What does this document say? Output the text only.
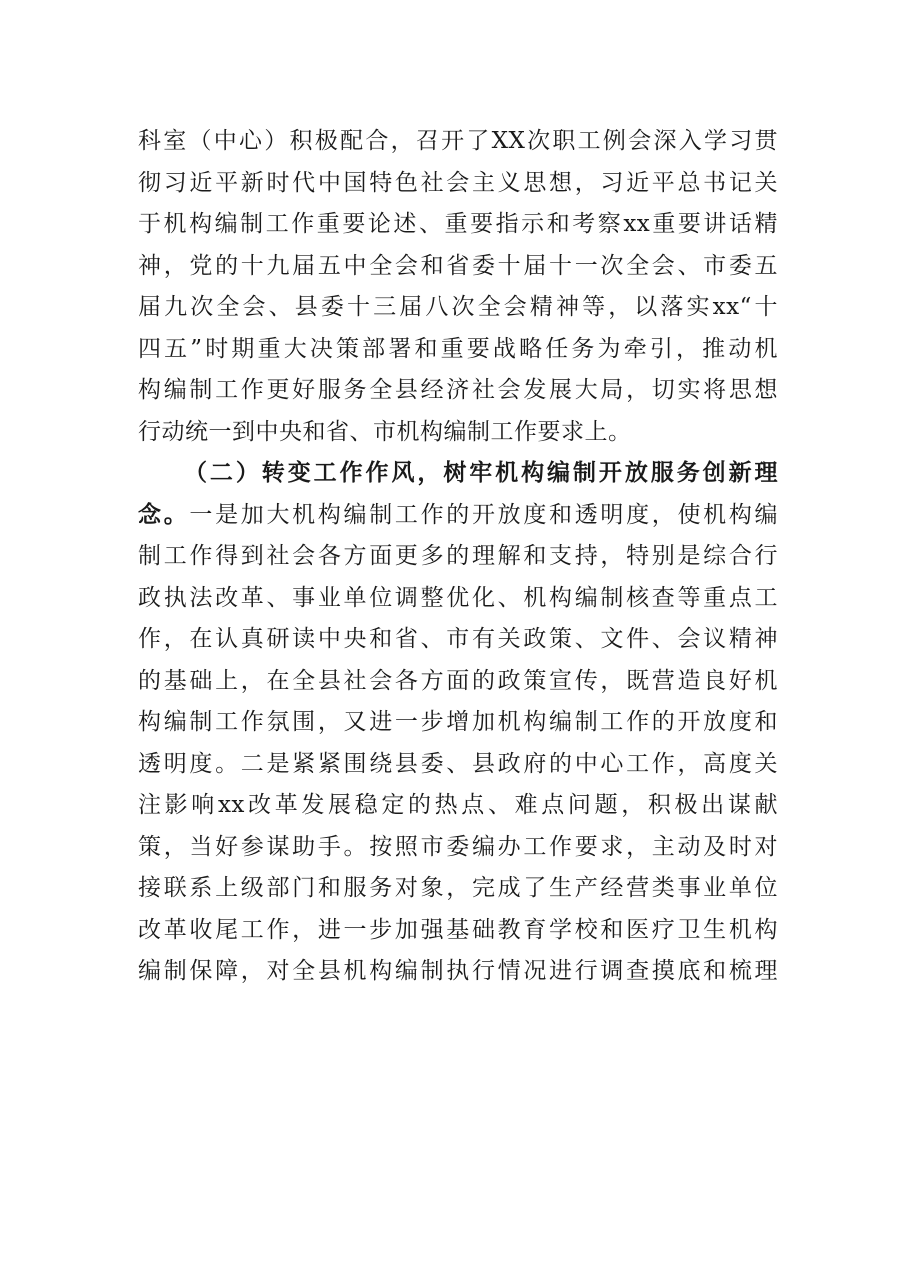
科室（中心）积极配合，召开了XX次职工例会深入学习贯
彻习近平新时代中国特色社会主义思想，习近平总书记关
于机构编制工作重要论述、重要指示和考察xx重要讲话精
神，党的十九届五中全会和省委十届十一次全会、市委五
届九次全会、县委十三届八次全会精神等，以落实xx“十
四五”时期重大决策部署和重要战略任务为牵引，推动机
构编制工作更好服务全县经济社会发展大局，切实将思想
行动统一到中央和省、市机构编制工作要求上。
（二）转变工作作风，树牢机构编制开放服务创新理
念。一是加大机构编制工作的开放度和透明度，使机构编
制工作得到社会各方面更多的理解和支持，特别是综合行
政执法改革、事业单位调整优化、机构编制核查等重点工
作，在认真研读中央和省、市有关政策、文件、会议精神
的基础上，在全县社会各方面的政策宣传，既营造良好机
构编制工作氛围，又进一步增加机构编制工作的开放度和
透明度。二是紧紧围绕县委、县政府的中心工作，高度关
注影响xx改革发展稳定的热点、难点问题，积极出谋献
策，当好参谋助手。按照市委编办工作要求，主动及时对
接联系上级部门和服务对象，完成了生产经营类事业单位
改革收尾工作，进一步加强基础教育学校和医疗卫生机构
编制保障，对全县机构编制执行情况进行调查摸底和梳理
